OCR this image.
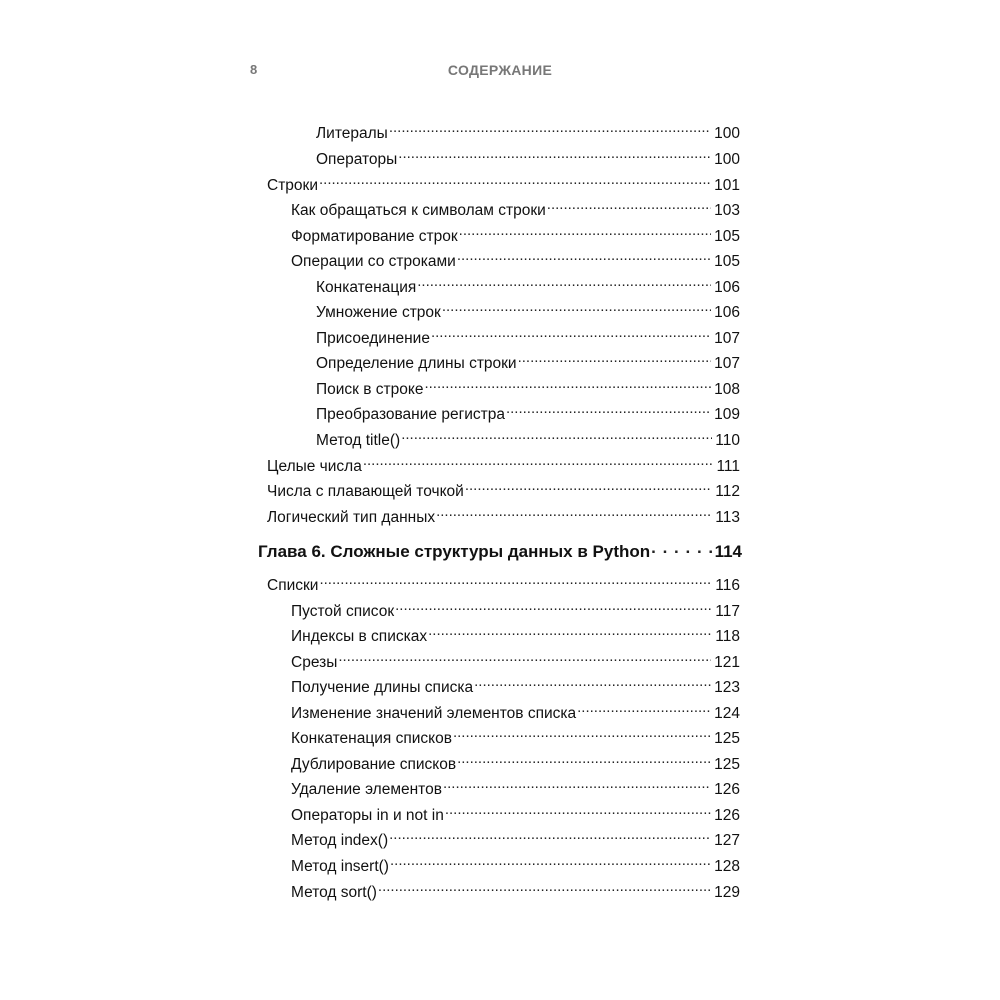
8	СОДЕРЖАНИЕ
Литералы .....	100
Операторы .....	100
Строки .....	101
Как обращаться к символам строки .....	103
Форматирование строк .....	105
Операции со строками .....	105
Конкатенация .....	106
Умножение строк .....	106
Присоединение .....	107
Определение длины строки .....	107
Поиск в строке .....	108
Преобразование регистра .....	109
Метод title() .....	110
Целые числа .....	111
Числа с плавающей точкой .....	112
Логический тип данных .....	113
Глава 6. Сложные структуры данных в Python . . .	114
Списки .....	116
Пустой список .....	117
Индексы в списках .....	118
Срезы .....	121
Получение длины списка .....	123
Изменение значений элементов списка .....	124
Конкатенация списков .....	125
Дублирование списков .....	125
Удаление элементов .....	126
Операторы in и not in .....	126
Метод index() .....	127
Метод insert() .....	128
Метод sort() .....	129
